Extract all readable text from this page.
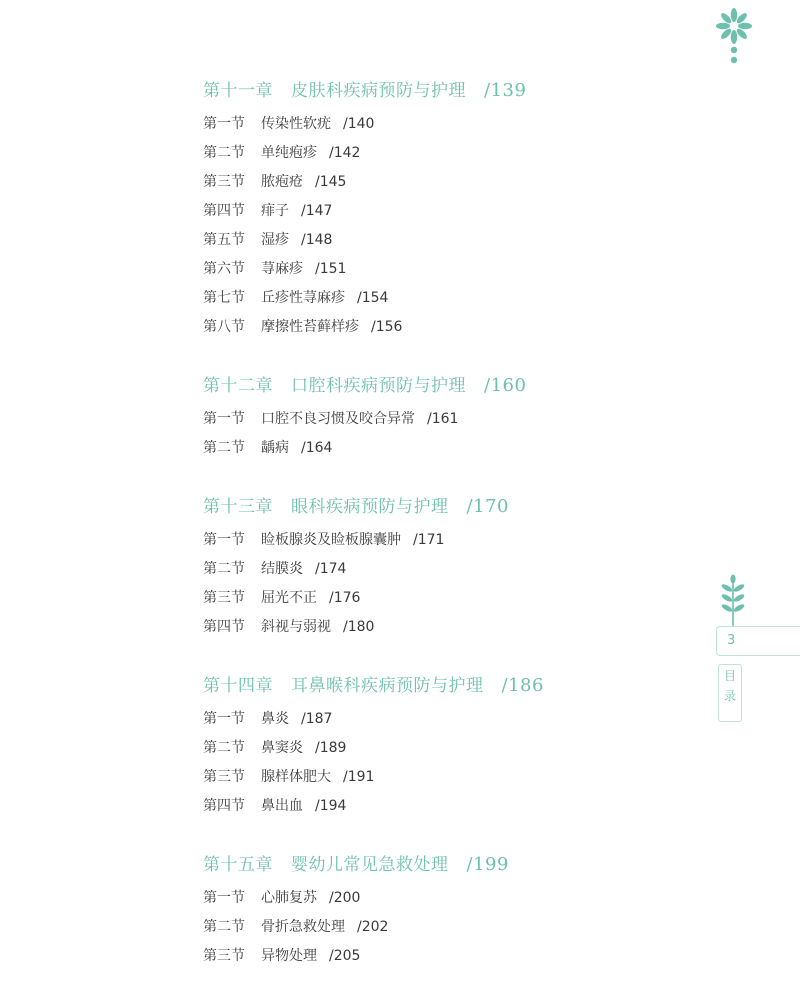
第十一章 皮肤科疾病预防与护理 /139
第一节 传染性软疣 /140
第二节 单纯疱疹 /142
第三节 脓疱疮 /145
第四节 痱子 /147
第五节 湿疹 /148
第六节 荨麻疹 /151
第七节 丘疹性荨麻疹 /154
第八节 摩擦性苔藓样疹 /156
第十二章 口腔科疾病预防与护理 /160
第一节 口腔不良习惯及咬合异常 /161
第二节 龋病 /164
第十三章 眼科疾病预防与护理 /170
第一节 睑板腺炎及睑板腺囊肿 /171
第二节 结膜炎 /174
第三节 屈光不正 /176
第四节 斜视与弱视 /180
第十四章 耳鼻喉科疾病预防与护理 /186
第一节 鼻炎 /187
第二节 鼻窦炎 /189
第三节 腺样体肥大 /191
第四节 鼻出血 /194
第十五章 婴幼儿常见急救处理 /199
第一节 心肺复苏 /200
第二节 骨折急救处理 /202
第三节 异物处理 /205
3
目
录
